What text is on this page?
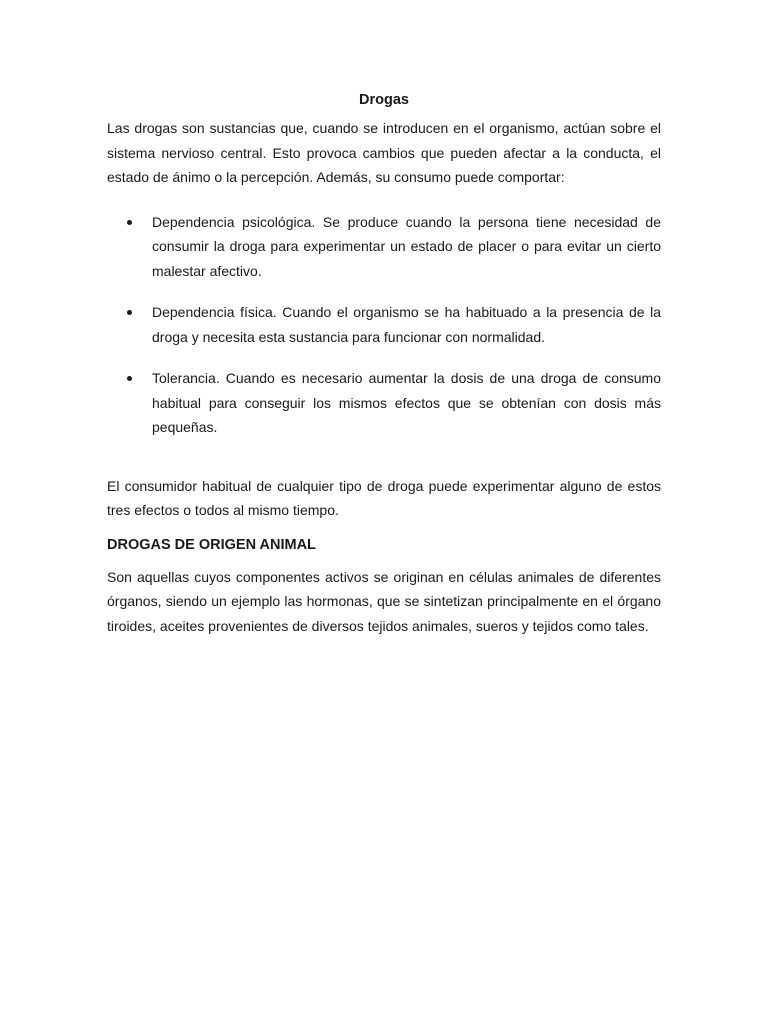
Drogas

Las drogas son sustancias que, cuando se introducen en el organismo, actúan sobre el sistema nervioso central. Esto provoca cambios que pueden afectar a la conducta, el estado de ánimo o la percepción. Además, su consumo puede comportar:

Dependencia psicológica. Se produce cuando la persona tiene necesidad de consumir la droga para experimentar un estado de placer o para evitar un cierto malestar afectivo.
Dependencia física. Cuando el organismo se ha habituado a la presencia de la droga y necesita esta sustancia para funcionar con normalidad.
Tolerancia. Cuando es necesario aumentar la dosis de una droga de consumo habitual para conseguir los mismos efectos que se obtenían con dosis más pequeñas.

El consumidor habitual de cualquier tipo de droga puede experimentar alguno de estos tres efectos o todos al mismo tiempo.

DROGAS DE ORIGEN ANIMAL

Son aquellas cuyos componentes activos se originan en células animales de diferentes órganos, siendo un ejemplo las hormonas, que se sintetizan principalmente en el órgano tiroides, aceites provenientes de diversos tejidos animales, sueros y tejidos como tales.
